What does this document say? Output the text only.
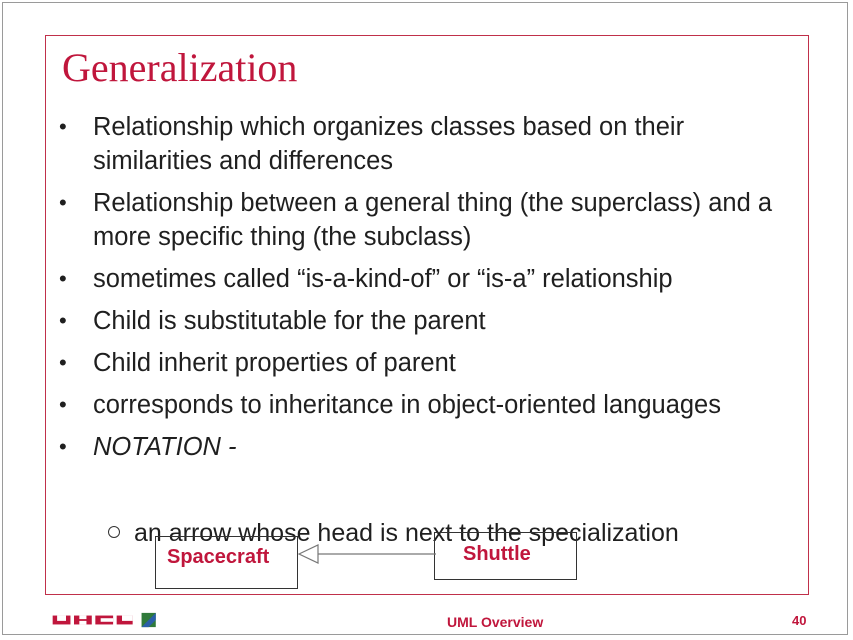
Generalization
• Relationship which organizes classes based on their similarities and differences
• Relationship between a general thing (the superclass) and a more specific thing (the subclass)
• sometimes called “is-a-kind-of” or “is-a” relationship
• Child is substitutable for the parent
• Child inherit properties of parent
• corresponds to inheritance in object-oriented languages
• NOTATION -
an arrow whose head is next to the specialization
Spacecraft	Shuttle
UML Overview	40
